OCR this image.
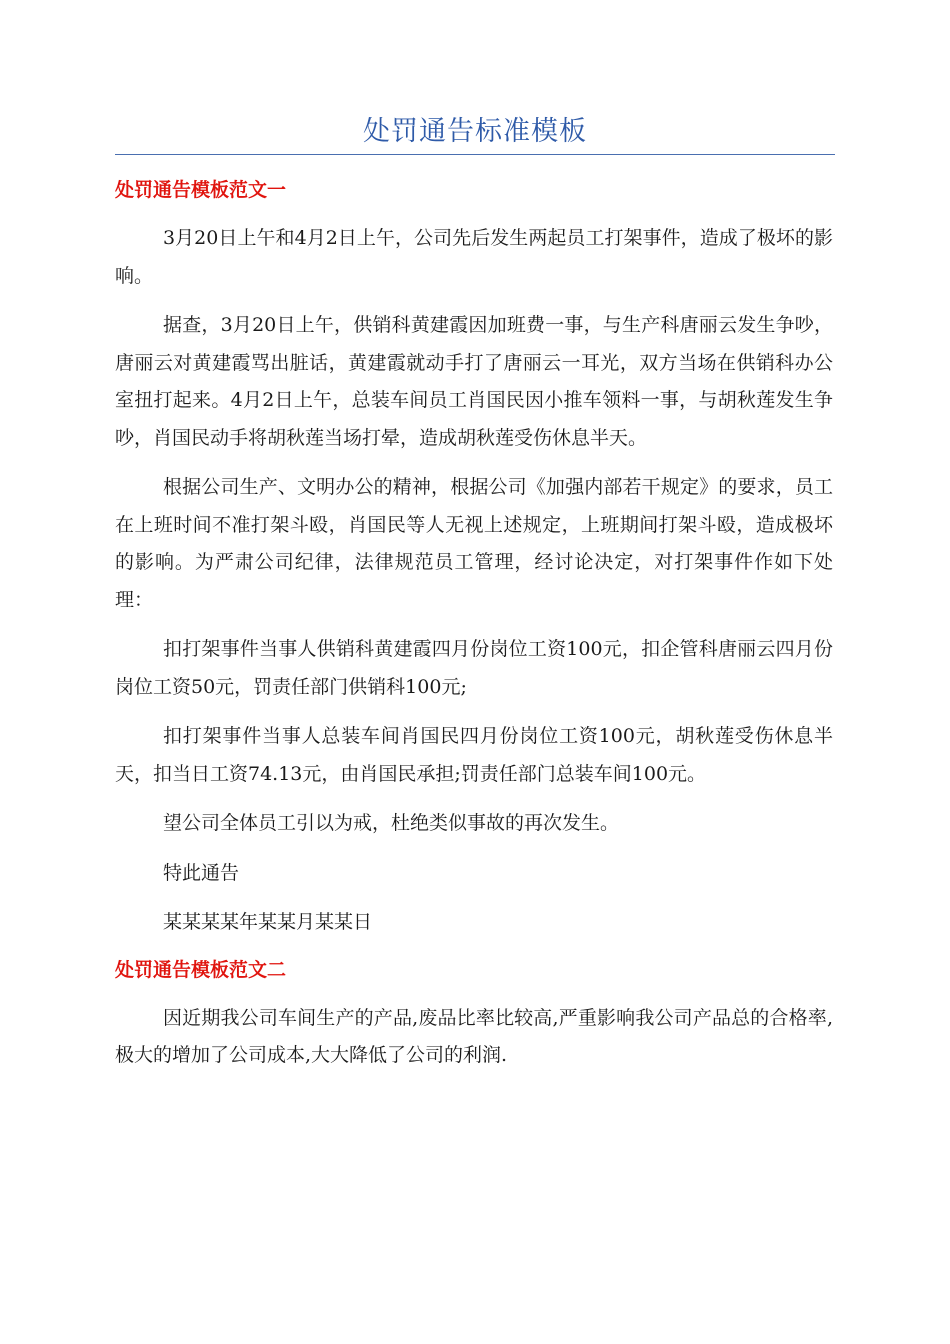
处罚通告标准模板
处罚通告模板范文一

3月20日上午和4月2日上午，公司先后发生两起员工打架事件，造成了极坏的影响。

据查，3月20日上午，供销科黄建霞因加班费一事，与生产科唐丽云发生争吵，唐丽云对黄建霞骂出脏话，黄建霞就动手打了唐丽云一耳光，双方当场在供销科办公室扭打起来。4月2日上午，总装车间员工肖国民因小推车领料一事，与胡秋莲发生争吵，肖国民动手将胡秋莲当场打晕，造成胡秋莲受伤休息半天。

根据公司生产、文明办公的精神，根据公司《加强内部若干规定》的要求，员工在上班时间不准打架斗殴，肖国民等人无视上述规定，上班期间打架斗殴，造成极坏的影响。为严肃公司纪律，法律规范员工管理，经讨论决定，对打架事件作如下处理：

扣打架事件当事人供销科黄建霞四月份岗位工资100元，扣企管科唐丽云四月份岗位工资50元，罚责任部门供销科100元;

扣打架事件当事人总装车间肖国民四月份岗位工资100元，胡秋莲受伤休息半天，扣当日工资74.13元，由肖国民承担;罚责任部门总装车间100元。

望公司全体员工引以为戒，杜绝类似事故的再次发生。

特此通告

某某某某年某某月某某日

处罚通告模板范文二

因近期我公司车间生产的产品,废品比率比较高,严重影响我公司产品总的合格率,极大的增加了公司成本,大大降低了公司的利润.
